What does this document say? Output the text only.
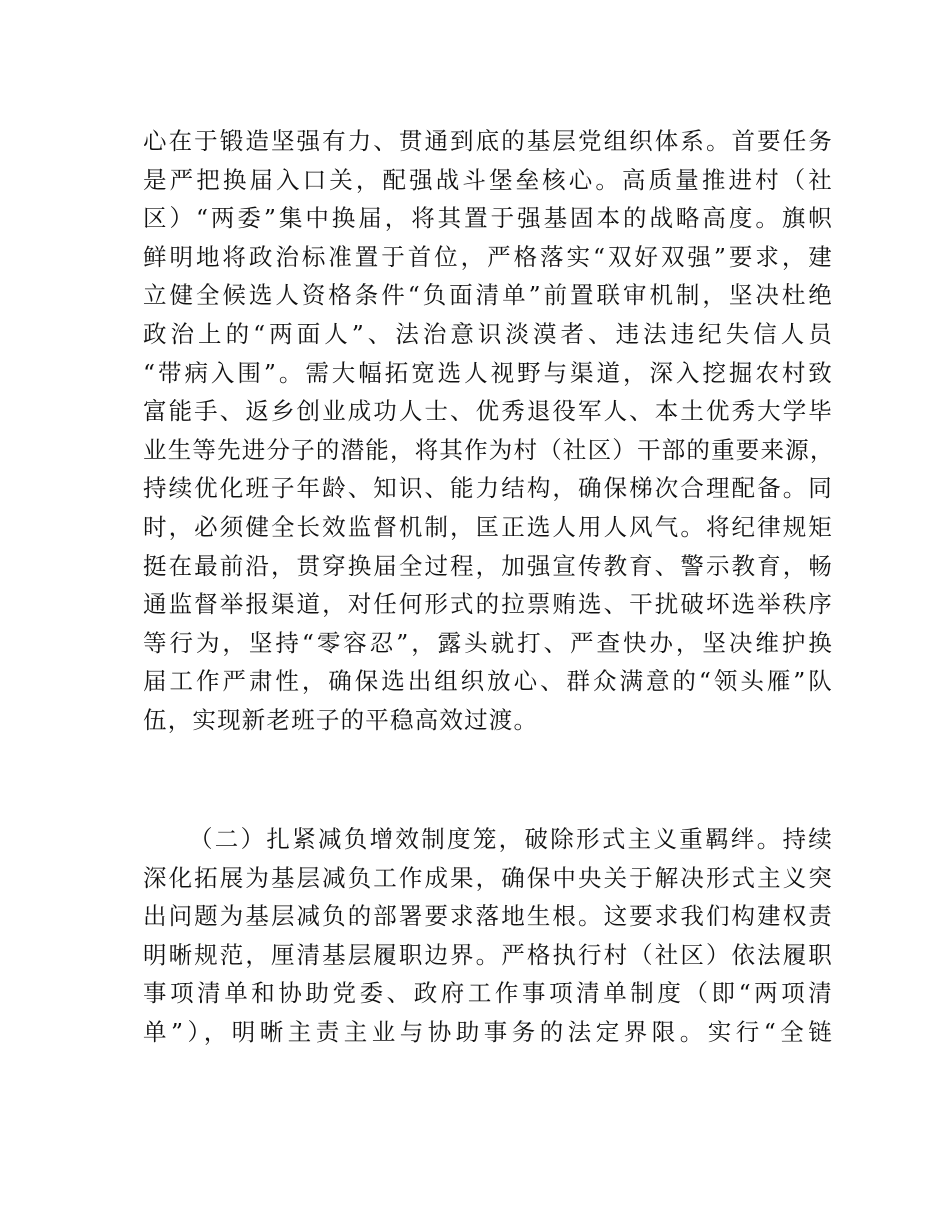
心在于锻造坚强有力、贯通到底的基层党组织体系。首要任务
是严把换届入口关，配强战斗堡垒核心。高质量推进村（社
区）“两委”集中换届，将其置于强基固本的战略高度。旗帜
鲜明地将政治标准置于首位，严格落实“双好双强”要求，建
立健全候选人资格条件“负面清单”前置联审机制，坚决杜绝
政治上的“两面人”、法治意识淡漠者、违法违纪失信人员
“带病入围”。需大幅拓宽选人视野与渠道，深入挖掘农村致
富能手、返乡创业成功人士、优秀退役军人、本土优秀大学毕
业生等先进分子的潜能，将其作为村（社区）干部的重要来源，
持续优化班子年龄、知识、能力结构，确保梯次合理配备。同
时，必须健全长效监督机制，匡正选人用人风气。将纪律规矩
挺在最前沿，贯穿换届全过程，加强宣传教育、警示教育，畅
通监督举报渠道，对任何形式的拉票贿选、干扰破坏选举秩序
等行为，坚持“零容忍”，露头就打、严查快办，坚决维护换
届工作严肃性，确保选出组织放心、群众满意的“领头雁”队
伍，实现新老班子的平稳高效过渡。
（二）扎紧减负增效制度笼，破除形式主义重羁绊。持续
深化拓展为基层减负工作成果，确保中央关于解决形式主义突
出问题为基层减负的部署要求落地生根。这要求我们构建权责
明晰规范，厘清基层履职边界。严格执行村（社区）依法履职
事项清单和协助党委、政府工作事项清单制度（即“两项清
单”），明晰主责主业与协助事务的法定界限。实行“全链
